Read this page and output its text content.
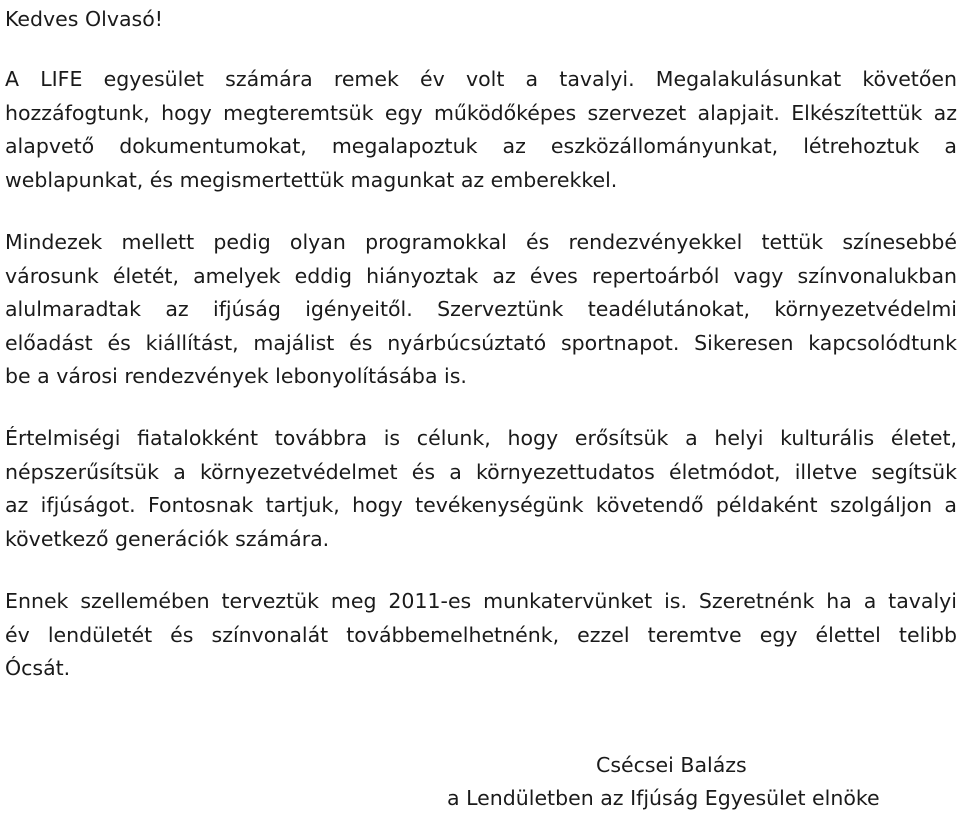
Kedves Olvasó!
A LIFE egyesület számára remek év volt a tavalyi. Megalakulásunkat követően
hozzáfogtunk, hogy megteremtsük egy működőképes szervezet alapjait. Elkészítettük az
alapvető dokumentumokat, megalapoztuk az eszközállományunkat, létrehoztuk a
weblapunkat, és megismertettük magunkat az emberekkel.
Mindezek mellett pedig olyan programokkal és rendezvényekkel tettük színesebbé
városunk életét, amelyek eddig hiányoztak az éves repertoárból vagy színvonalukban
alulmaradtak az ifjúság igényeitől. Szerveztünk teadélutánokat, környezetvédelmi
előadást és kiállítást, majálist és nyárbúcsúztató sportnapot. Sikeresen kapcsolódtunk
be a városi rendezvények lebonyolításába is.
Értelmiségi fiatalokként továbbra is célunk, hogy erősítsük a helyi kulturális életet,
népszerűsítsük a környezetvédelmet és a környezettudatos életmódot, illetve segítsük
az ifjúságot. Fontosnak tartjuk, hogy tevékenységünk követendő példaként szolgáljon a
következő generációk számára.
Ennek szellemében terveztük meg 2011-es munkatervünket is. Szeretnénk ha a tavalyi
év lendületét és színvonalát továbbemelhetnénk, ezzel teremtve egy élettel telibb
Ócsát.
Csécsei Balázs
a Lendületben az Ifjúság Egyesület elnöke
